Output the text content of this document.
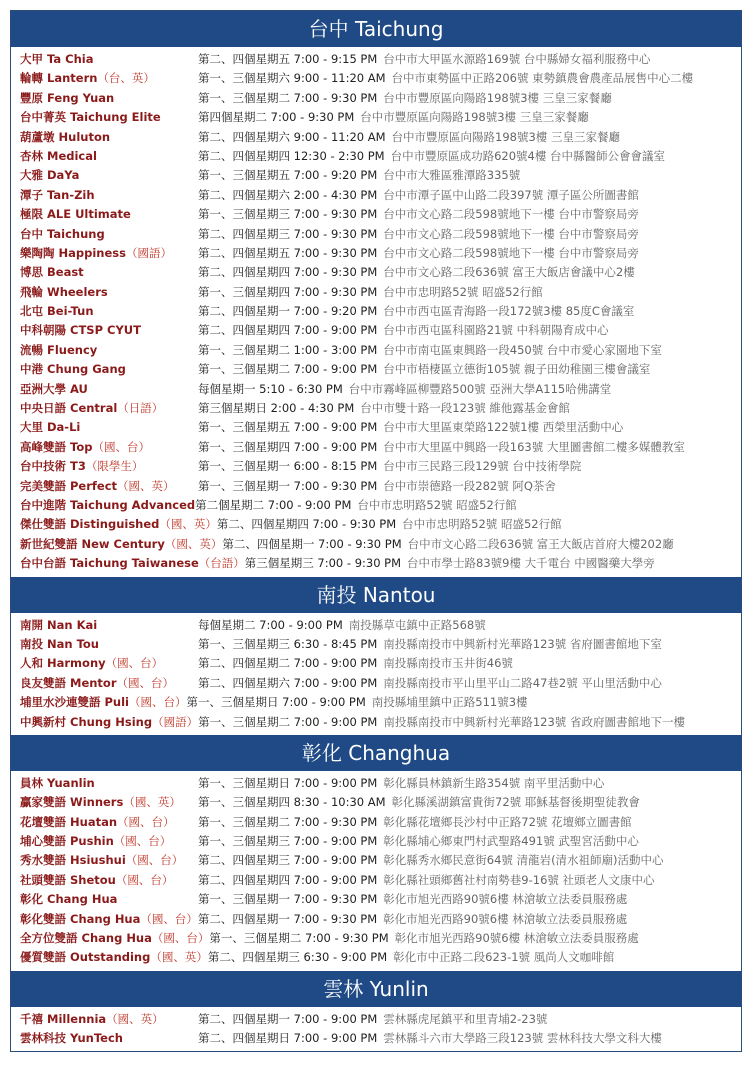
台中 Taichung
大甲 Ta Chia	第二、四個星期五 7:00 - 9:15 PM 台中市大甲區水源路169號 台中縣婦女福利服務中心
輪轉 Lantern（台、英）	第一、三個星期六 9:00 - 11:20 AM 台中市東勢區中正路206號 東勢鎮農會農產品展售中心二樓
豐原 Feng Yuan	第一、三個星期二 7:00 - 9:30 PM 台中市豐原區向陽路198號3樓 三皇三家餐廳
台中菁英 Taichung Elite	第四個星期二 7:00 - 9:30 PM 台中市豐原區向陽路198號3樓 三皇三家餐廳
葫蘆墩 Huluton	第二、四個星期六 9:00 - 11:20 AM 台中市豐原區向陽路198號3樓 三皇三家餐廳
杏林 Medical	第二、四個星期四 12:30 - 2:30 PM 台中市豐原區成功路620號4樓 台中縣醫師公會會議室
大雅 DaYa	第一、三個星期五 7:00 - 9:20 PM 台中市大雅區雅潭路335號
潭子 Tan-Zih	第二、四個星期六 2:00 - 4:30 PM 台中市潭子區中山路二段397號 潭子區公所圖書館
極限 ALE Ultimate	第一、三個星期三 7:00 - 9:30 PM 台中市文心路二段598號地下一樓 台中市警察局旁
台中 Taichung	第二、四個星期三 7:00 - 9:30 PM 台中市文心路二段598號地下一樓 台中市警察局旁
樂陶陶 Happiness（國語） 第二、四個星期五 7:00 - 9:30 PM 台中市文心路二段598號地下一樓 台中市警察局旁
博思 Beast	第二、四個星期四 7:00 - 9:30 PM 台中市文心路二段636號 富王大飯店會議中心2樓
飛輪 Wheelers	第一、三個星期四 7:00 - 9:30 PM 台中市忠明路52號 昭盛52行館
北屯 Bei-Tun	第二、四個星期一 7:00 - 9:20 PM 台中市西屯區青海路一段172號3樓 85度C會議室
中科朝陽 CTSP CYUT	第二、四個星期四 7:00 - 9:00 PM 台中市西屯區科園路21號 中科朝陽育成中心
流暢 Fluency	第一、三個星期二 1:00 - 3:00 PM 台中市南屯區東興路一段450號 台中市愛心家園地下室
中港 Chung Gang	第一、三個星期二 7:00 - 9:00 PM 台中市梧棲區立德街105號 親子田幼稚園三樓會議室
亞洲大學 AU	每個星期一 5:10 - 6:30 PM 台中市霧峰區柳豐路500號 亞洲大學A115哈佛講堂
中央日語 Central（日語）	第三個星期日 2:00 - 4:30 PM 台中市雙十路一段123號 維他露基金會館
大里 Da-Li	第一、三個星期五 7:00 - 9:00 PM 台中市大里區東榮路122號1樓 西榮里活動中心
高峰雙語 Top（國、台）	第一、三個星期四 7:00 - 9:00 PM 台中市大里區中興路一段163號 大里圖書館二樓多媒體教室
台中技術 T3（限學生）	第一、三個星期一 6:00 - 8:15 PM 台中市三民路三段129號 台中技術學院
完美雙語 Perfect（國、英） 第一、三個星期一 7:00 - 9:30 PM 台中市崇德路一段282號 阿Q茶舍
台中進階 Taichung Advanced第二個星期二 7:00 - 9:00 PM 台中市忠明路52號 昭盛52行館
傑仕雙語 Distinguished（國、英）第二、四個星期四 7:00 - 9:30 PM 台中市忠明路52號 昭盛52行館
新世紀雙語 New Century（國、英）第二、四個星期一 7:00 - 9:30 PM 台中市文心路二段636號 富王大飯店首府大樓202廳
台中台語 Taichung Taiwanese（台語）第三個星期三 7:00 - 9:30 PM 台中市學士路83號9樓 大千電台 中國醫藥大學旁
南投 Nantou
南開 Nan Kai	每個星期二 7:00 - 9:00 PM 南投縣草屯鎮中正路568號
南投 Nan Tou	第一、三個星期三 6:30 - 8:45 PM 南投縣南投市中興新村光華路123號 省府圖書館地下室
人和 Harmony（國、台）	第二、四個星期二 7:00 - 9:00 PM 南投縣南投市玉井街46號
良友雙語 Mentor（國、台） 第二、四個星期六 7:00 - 9:00 PM 南投縣南投市平山里平山二路47巷2號 平山里活動中心
埔里水沙連雙語 Puli（國、台）第一、三個星期日 7:00 - 9:00 PM 南投縣埔里鎮中正路511號3樓
中興新村 Chung Hsing（國語）第一、三個星期二 7:00 - 9:00 PM 南投縣南投市中興新村光華路123號 省政府圖書館地下一樓
彰化 Changhua
員林 Yuanlin	第一、三個星期日 7:00 - 9:00 PM 彰化縣員林鎮新生路354號 南平里活動中心
贏家雙語 Winners（國、英） 第一、三個星期四 8:30 - 10:30 AM 彰化縣溪湖鎮富貴街72號 耶穌基督後期聖徒教會
花壇雙語 Huatan（國、台） 第一、三個星期二 7:00 - 9:30 PM 彰化縣花壇鄉長沙村中正路72號 花壇鄉立圖書館
埔心雙語 Pushin（國、台） 第一、三個星期三 7:00 - 9:00 PM 彰化縣埔心鄉東門村武聖路491號 武聖宮活動中心
秀水雙語 Hsiushui（國、台） 第二、四個星期三 7:00 - 9:00 PM 彰化縣秀水鄉民意街64號 清龍岩(清水祖師廟)活動中心
社頭雙語 Shetou（國、台） 第二、四個星期四 7:00 - 9:00 PM 彰化縣社頭鄉舊社村南勢巷9-16號 社頭老人文康中心
彰化 Chang Hua	第一、三個星期一 7:00 - 9:30 PM 彰化市旭光西路90號6樓 林滄敏立法委員服務處
彰化雙語 Chang Hua（國、台）第二、四個星期一 7:00 - 9:30 PM 彰化市旭光西路90號6樓 林滄敏立法委員服務處
全方位雙語 Chang Hua（國、台）第一、三個星期二 7:00 - 9:30 PM 彰化市旭光西路90號6樓 林滄敏立法委員服務處
優質雙語 Outstanding（國、英）第二、四個星期三 6:30 - 9:00 PM 彰化市中正路二段623-1號 風尚人文咖啡館
雲林 Yunlin
千禧 Millennia（國、英）	第二、四個星期一 7:00 - 9:00 PM 雲林縣虎尾鎮平和里青埔2-23號
雲林科技 YunTech	第二、四個星期日 7:00 - 9:00 PM 雲林縣斗六市大學路三段123號 雲林科技大學文科大樓
